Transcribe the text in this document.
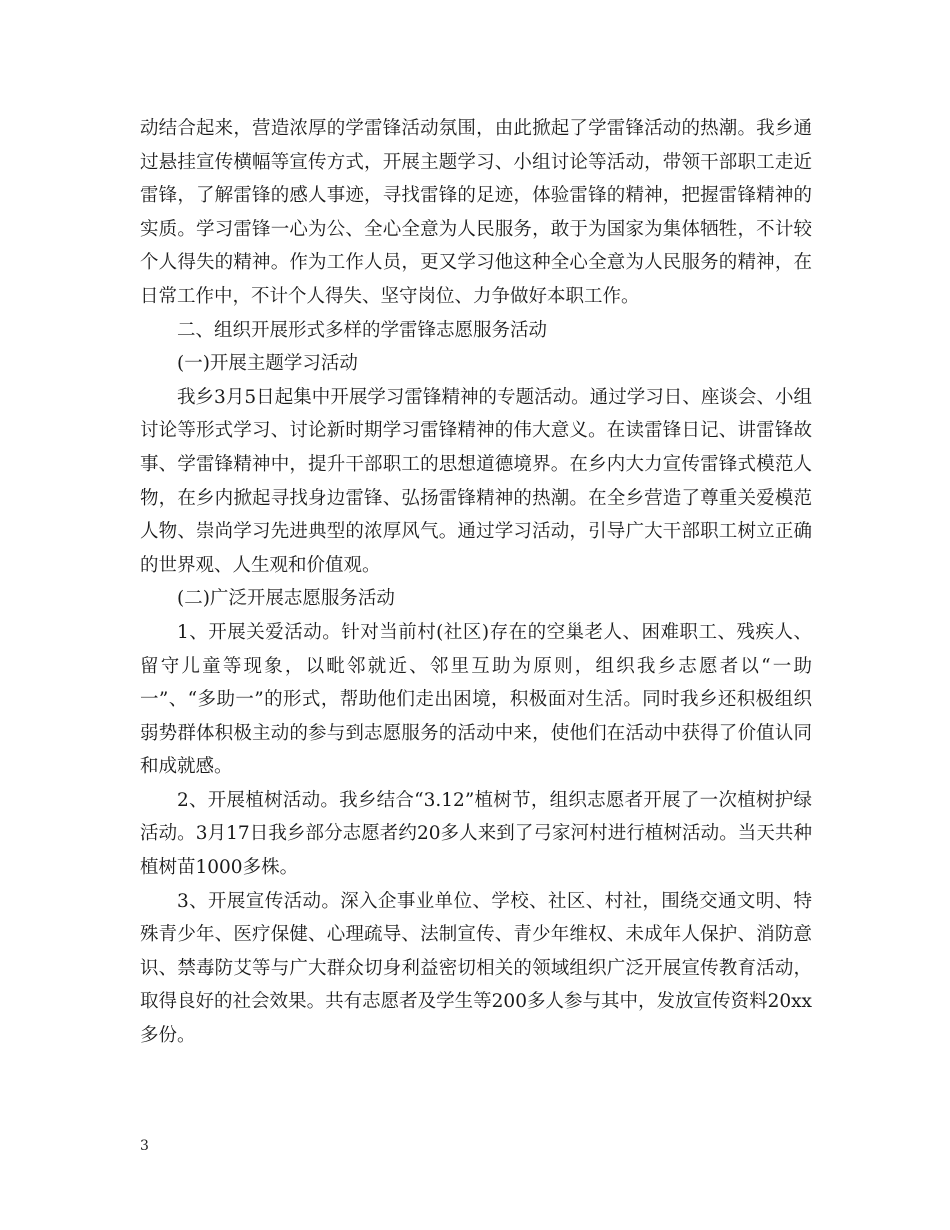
动结合起来，营造浓厚的学雷锋活动氛围，由此掀起了学雷锋活动的热潮。我乡通过悬挂宣传横幅等宣传方式，开展主题学习、小组讨论等活动，带领干部职工走近雷锋，了解雷锋的感人事迹，寻找雷锋的足迹，体验雷锋的精神，把握雷锋精神的实质。学习雷锋一心为公、全心全意为人民服务，敢于为国家为集体牺牲，不计较个人得失的精神。作为工作人员，更又学习他这种全心全意为人民服务的精神，在日常工作中，不计个人得失、坚守岗位、力争做好本职工作。

二、组织开展形式多样的学雷锋志愿服务活动

(一)开展主题学习活动

我乡3月5日起集中开展学习雷锋精神的专题活动。通过学习日、座谈会、小组讨论等形式学习、讨论新时期学习雷锋精神的伟大意义。在读雷锋日记、讲雷锋故事、学雷锋精神中，提升干部职工的思想道德境界。在乡内大力宣传雷锋式模范人物，在乡内掀起寻找身边雷锋、弘扬雷锋精神的热潮。在全乡营造了尊重关爱模范人物、崇尚学习先进典型的浓厚风气。通过学习活动，引导广大干部职工树立正确的世界观、人生观和价值观。

(二)广泛开展志愿服务活动

1、开展关爱活动。针对当前村(社区)存在的空巢老人、困难职工、残疾人、留守儿童等现象，以毗邻就近、邻里互助为原则，组织我乡志愿者以“一助一”、“多助一”的形式，帮助他们走出困境，积极面对生活。同时我乡还积极组织弱势群体积极主动的参与到志愿服务的活动中来，使他们在活动中获得了价值认同和成就感。

2、开展植树活动。我乡结合“3.12”植树节，组织志愿者开展了一次植树护绿活动。3月17日我乡部分志愿者约20多人来到了弓家河村进行植树活动。当天共种植树苗1000多株。

3、开展宣传活动。深入企事业单位、学校、社区、村社，围绕交通文明、特殊青少年、医疗保健、心理疏导、法制宣传、青少年维权、未成年人保护、消防意识、禁毒防艾等与广大群众切身利益密切相关的领域组织广泛开展宣传教育活动，取得良好的社会效果。共有志愿者及学生等200多人参与其中，发放宣传资料20xx多份。

3
